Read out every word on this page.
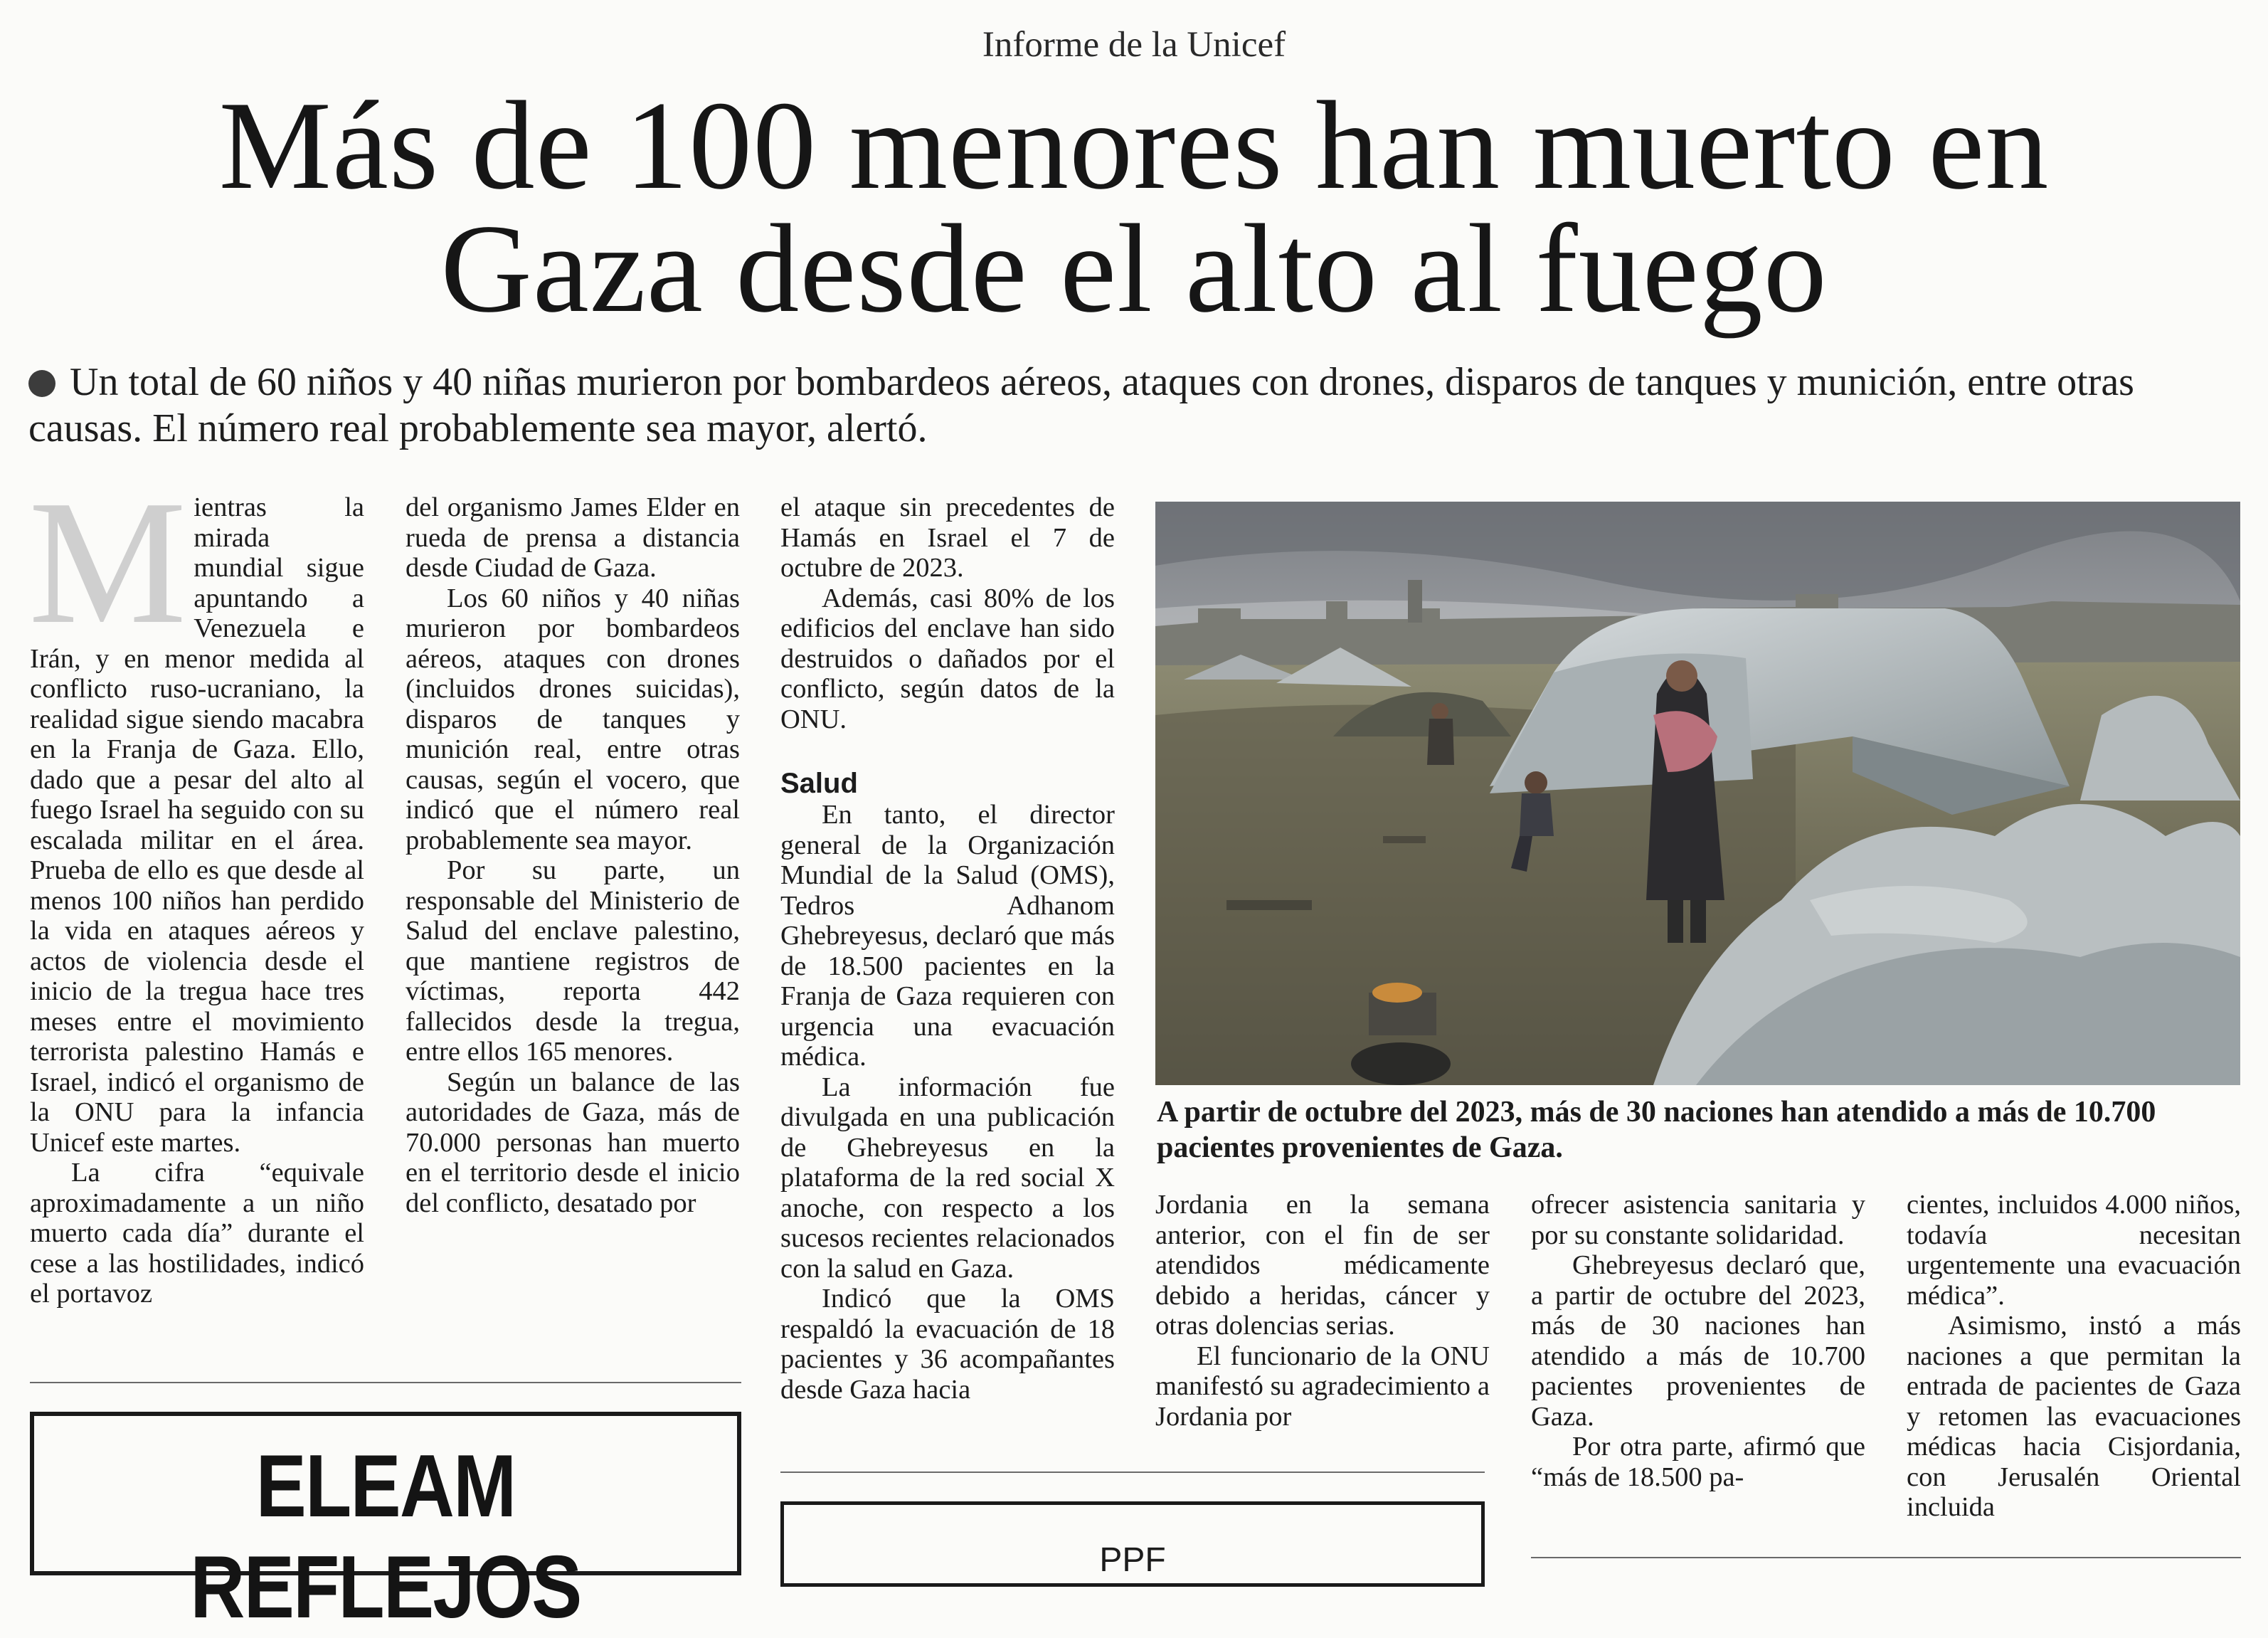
Informe de la Unicef
Más de 100 menores han muerto en
Gaza desde el alto al fuego
Un total de 60 niños y 40 niñas murieron por bombardeos aéreos, ataques con drones, disparos de tanques y munición, entre otras causas. El número real probablemente sea mayor, alertó.

Mientras la mirada mundial sigue apuntando a Venezuela e Irán, y en menor medida al conflicto ruso-ucraniano, la realidad sigue siendo macabra en la Franja de Gaza. Ello, dado que a pesar del alto al fuego Israel ha seguido con su escalada militar en el área. Prueba de ello es que desde al menos 100 niños han perdido la vida en ataques aéreos y actos de violencia desde el inicio de la tregua hace tres meses entre el movimiento terrorista palestino Hamás e Israel, indicó el organismo de la ONU para la infancia Unicef este martes.

La cifra “equivale aproximadamente a un niño muerto cada día” durante el cese a las hostilidades, indicó el portavoz

del organismo James Elder en rueda de prensa a distancia desde Ciudad de Gaza.

Los 60 niños y 40 niñas murieron por bombardeos aéreos, ataques con drones (incluidos drones suicidas), disparos de tanques y munición real, entre otras causas, según el vocero, que indicó que el número real probablemente sea mayor.

Por su parte, un responsable del Ministerio de Salud del enclave palestino, que mantiene registros de víctimas, reporta 442 fallecidos desde la tregua, entre ellos 165 menores.

Según un balance de las autoridades de Gaza, más de 70.000 personas han muerto en el territorio desde el inicio del conflicto, desatado por

el ataque sin precedentes de Hamás en Israel el 7 de octubre de 2023.

Además, casi 80% de los edificios del enclave han sido destruidos o dañados por el conflicto, según datos de la ONU.

Salud

En tanto, el director general de la Organización Mundial de la Salud (OMS), Tedros Adhanom Ghebreyesus, declaró que más de 18.500 pacientes en la Franja de Gaza requieren con urgencia una evacuación médica.

La información fue divulgada en una publicación de Ghebreyesus en la plataforma de la red social X anoche, con respecto a los sucesos recientes relacionados con la salud en Gaza.

Indicó que la OMS respaldó la evacuación de 18 pacientes y 36 acompañantes desde Gaza hacia

A partir de octubre del 2023, más de 30 naciones han atendido a más de 10.700 pacientes provenientes de Gaza.

Jordania en la semana anterior, con el fin de ser atendidos médicamente debido a heridas, cáncer y otras dolencias serias.

El funcionario de la ONU manifestó su agradecimiento a Jordania por

ofrecer asistencia sanitaria y por su constante solidaridad.

Ghebreyesus declaró que, a partir de octubre del 2023, más de 30 naciones han atendido a más de 10.700 pacientes provenientes de Gaza.

Por otra parte, afirmó que “más de 18.500 pa-

cientes, incluidos 4.000 niños, todavía necesitan urgentemente una evacuación médica”.

Asimismo, instó a más naciones a que permitan la entrada de pacientes de Gaza y retomen las evacuaciones médicas hacia Cisjordania, con Jerusalén Oriental incluida

ELEAM REFLEJOS	PPF
